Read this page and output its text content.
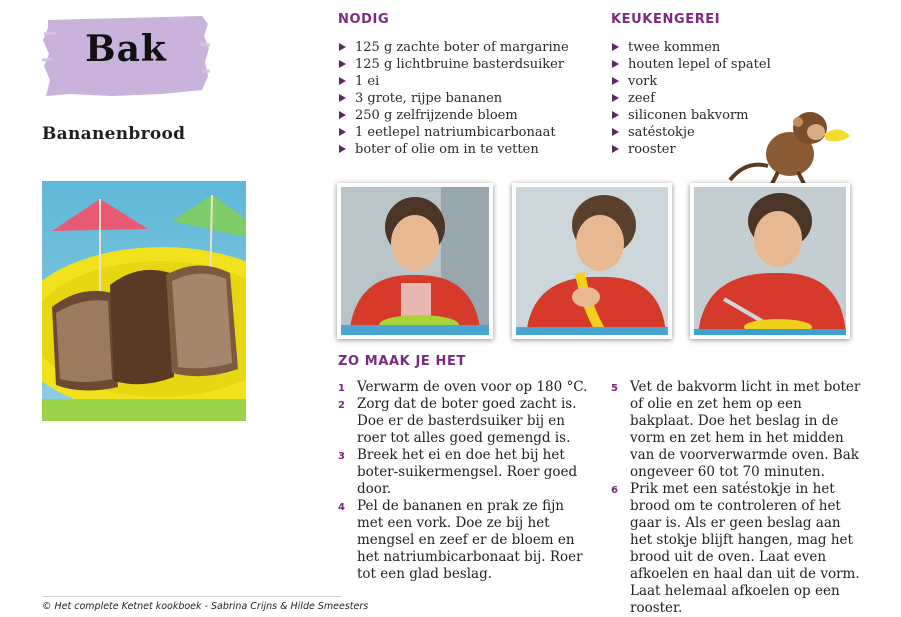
Bak
Bananenbrood
NODIG
125 g zachte boter of margarine
125 g lichtbruine basterdsuiker
1 ei
3 grote, rijpe bananen
250 g zelfrijzende bloem
1 eetlepel natriumbicarbonaat
boter of olie om in te vetten
KEUKENGEREI
twee kommen
houten lepel of spatel
vork
zeef
siliconen bakvorm
satéstokje
rooster
ZO MAAK JE HET
1 Verwarm de oven voor op 180 °C.
2 Zorg dat de boter goed zacht is. Doe er de basterdsuiker bij en roer tot alles goed gemengd is.
3 Breek het ei en doe het bij het boter-suikermengsel. Roer goed door.
4 Pel de bananen en prak ze fijn met een vork. Doe ze bij het mengsel en zeef er de bloem en het natriumbicarbonaat bij. Roer tot een glad beslag.
5 Vet de bakvorm licht in met boter of olie en zet hem op een bakplaat. Doe het beslag in de vorm en zet hem in het midden van de voorverwarmde oven. Bak ongeveer 60 tot 70 minuten.
6 Prik met een satéstokje in het brood om te controleren of het gaar is. Als er geen beslag aan het stokje blijft hangen, mag het brood uit de oven. Laat even afkoelen en haal dan uit de vorm. Laat helemaal afkoelen op een rooster.
© Het complete Ketnet kookboek - Sabrina Crijns & Hilde Smeesters
